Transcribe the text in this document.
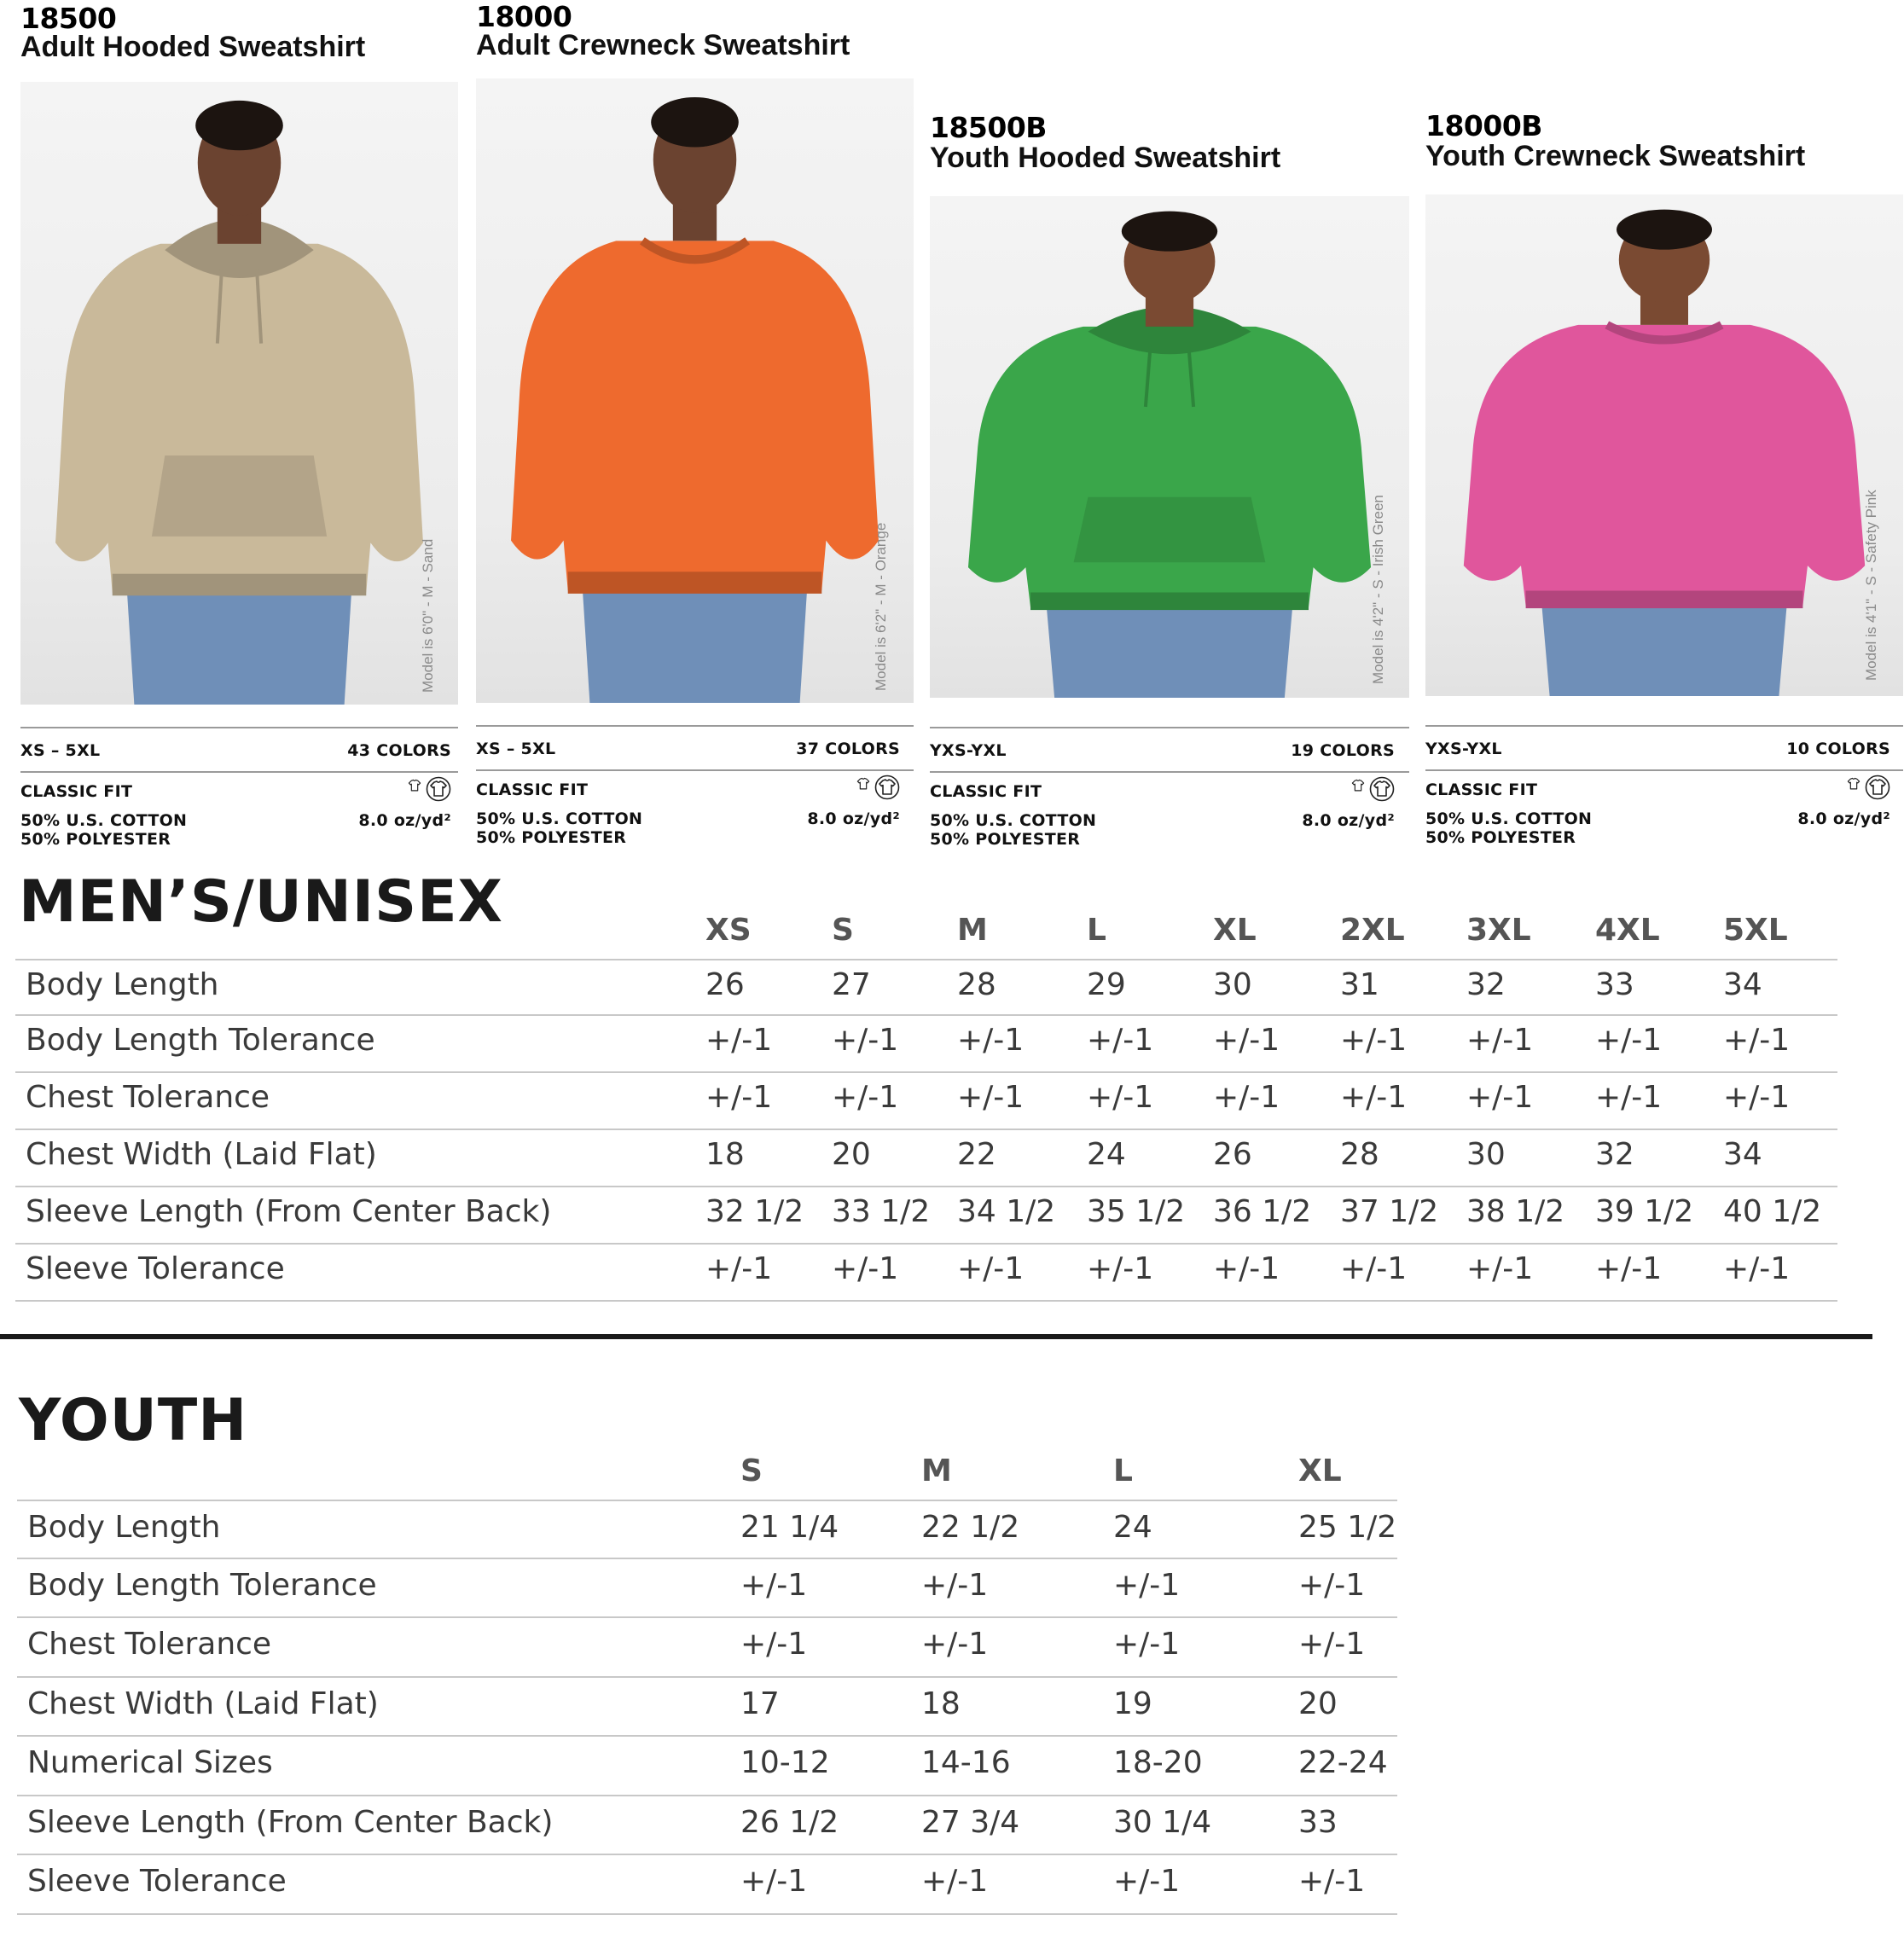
18500
Adult Hooded Sweatshirt
Model is 6'0" - M - Sand
XS – 5XL	43 COLORS
CLASSIC FIT
50% U.S. COTTON	8.0 oz/yd²
50% POLYESTER
18000
Adult Crewneck Sweatshirt
Model is 6'2" - M - Orange
XS – 5XL	37 COLORS
CLASSIC FIT
50% U.S. COTTON	8.0 oz/yd²
50% POLYESTER
18500B
Youth Hooded Sweatshirt
Model is 4'2" - S - Irish Green
YXS-YXL	19 COLORS
CLASSIC FIT
50% U.S. COTTON	8.0 oz/yd²
50% POLYESTER
18000B
Youth Crewneck Sweatshirt
Model is 4'1" - S - Safety Pink
YXS-YXL	10 COLORS
CLASSIC FIT
50% U.S. COTTON	8.0 oz/yd²
50% POLYESTER
MEN’S/UNISEX	XS	S	M	L	XL	2XL 3XL 4XL 5XL
Body Length	26	27	28	29	30	31	32	33	34
Body Length Tolerance	+/-1 +/-1 +/-1 +/-1 +/-1 +/-1 +/-1 +/-1 +/-1
Chest Tolerance	+/-1 +/-1 +/-1 +/-1 +/-1 +/-1 +/-1 +/-1 +/-1
Chest Width (Laid Flat)	18	20	22	24	26	28	30	32	34
Sleeve Length (From Center Back)	32 1/2 33 1/2 34 1/2 35 1/2 36 1/2 37 1/2 38 1/2 39 1/2 40 1/2
Sleeve Tolerance	+/-1 +/-1 +/-1 +/-1 +/-1 +/-1 +/-1 +/-1 +/-1
YOUTH
S	M	L	XL
Body Length	21 1/4	22 1/2	24	25 1/2
Body Length Tolerance	+/-1	+/-1	+/-1	+/-1
Chest Tolerance	+/-1	+/-1	+/-1	+/-1
Chest Width (Laid Flat)	17	18	19	20
Numerical Sizes	10-12	14-16	18-20	22-24
Sleeve Length (From Center Back)	26 1/2	27 3/4	30 1/4	33
Sleeve Tolerance	+/-1	+/-1	+/-1	+/-1
